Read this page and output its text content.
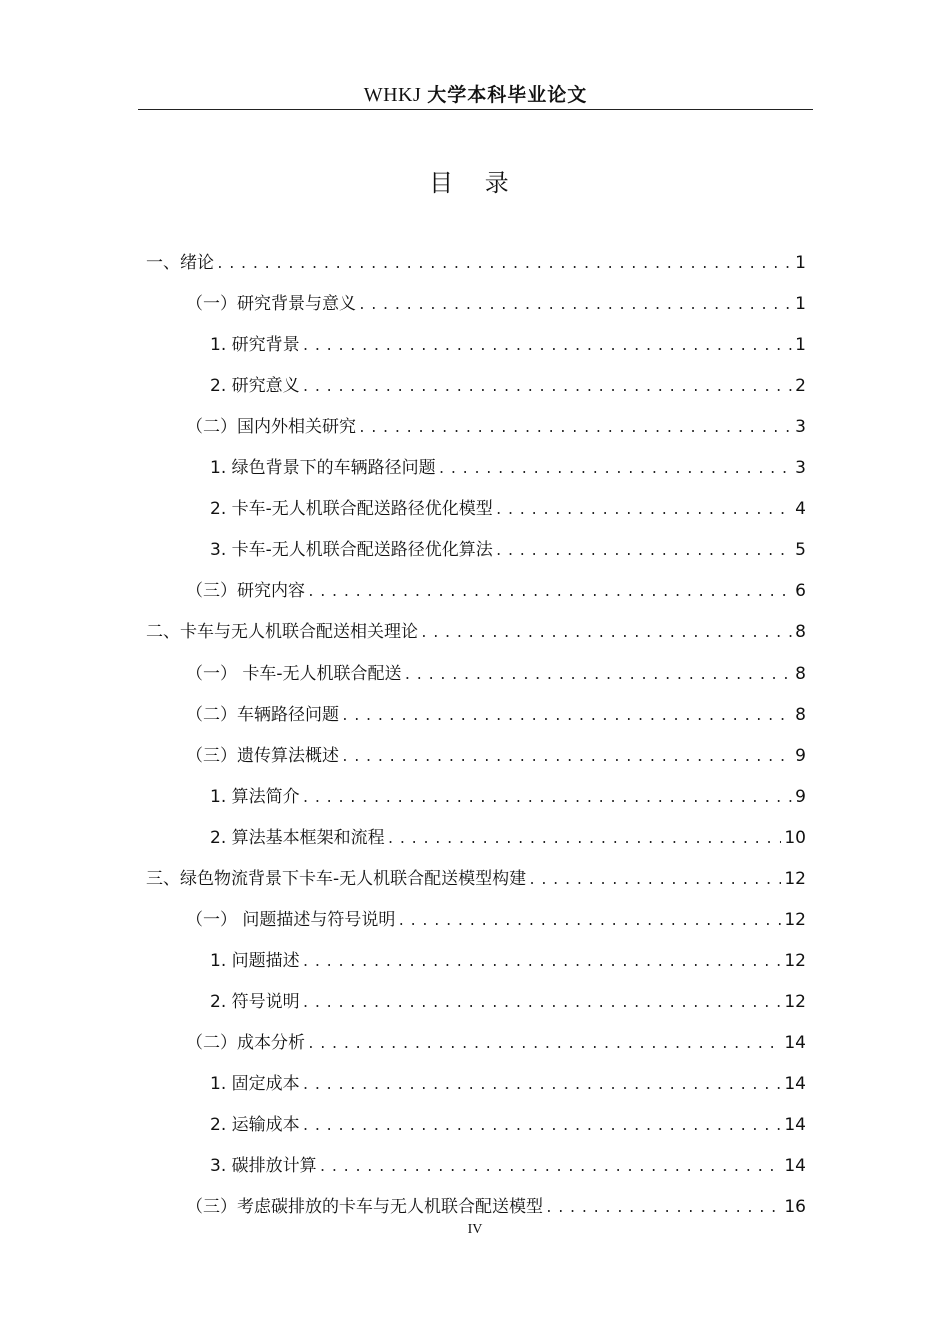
WHKJ 大学本科毕业论文
目 录
一、绪论 .....	1
（一）研究背景与意义 .....	1
1. 研究背景 .....	1
2. 研究意义 .....	2
（二）国内外相关研究 .....	3
1. 绿色背景下的车辆路径问题 .....	3
2. 卡车-无人机联合配送路径优化模型 .....	4
3. 卡车-无人机联合配送路径优化算法 .....	5
（三）研究内容 .....	6
二、卡车与无人机联合配送相关理论 .....	8
（一） 卡车-无人机联合配送 .....	8
（二）车辆路径问题 .....	8
（三）遗传算法概述 .....	9
1. 算法简介 .....	9
2. 算法基本框架和流程 .....	10
三、绿色物流背景下卡车-无人机联合配送模型构建 .....	12
（一） 问题描述与符号说明 .....	12
1. 问题描述 .....	12
2. 符号说明 .....	12
（二）成本分析 .....	14
1. 固定成本 .....	14
2. 运输成本 .....	14
3. 碳排放计算 .....	14
（三）考虑碳排放的卡车与无人机联合配送模型 .....	16
IV
